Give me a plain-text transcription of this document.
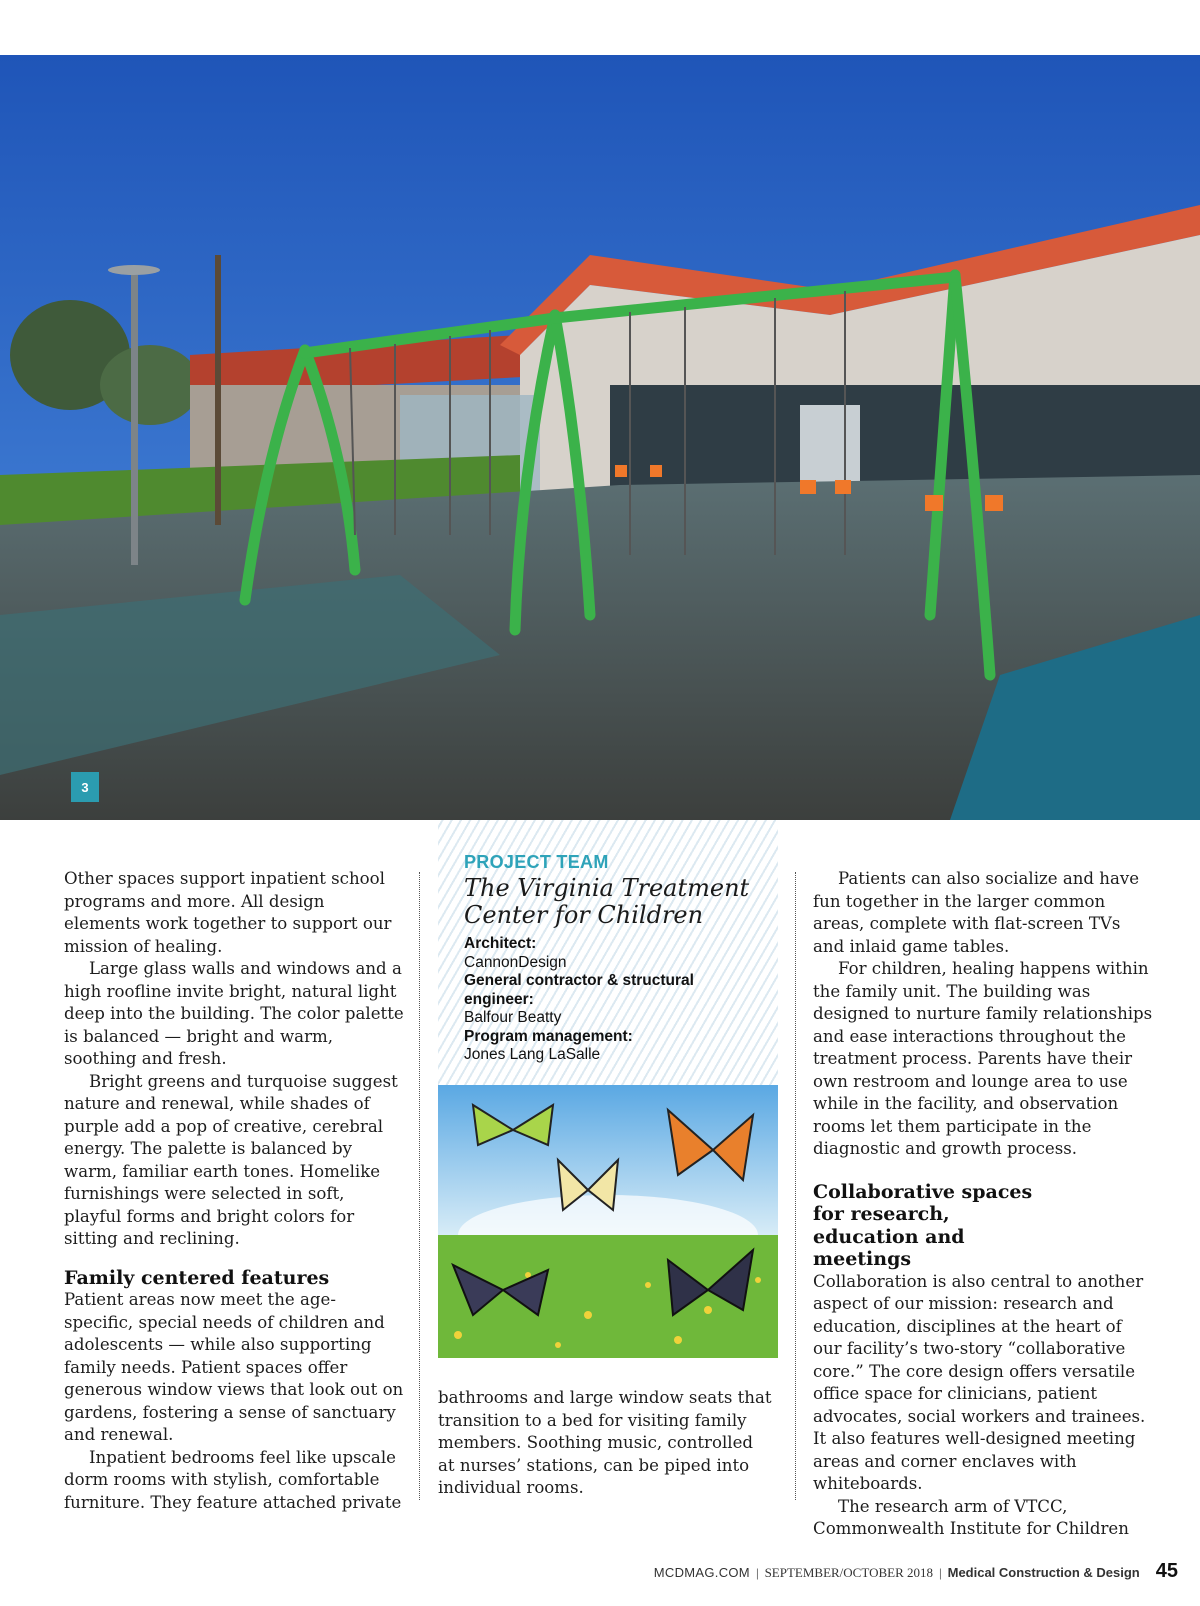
3

Other spaces support inpatient school programs and more. All design elements work together to support our mission of healing.

Large glass walls and windows and a high roofline invite bright, natural light deep into the building. The color palette is balanced — bright and warm, soothing and fresh.

Bright greens and turquoise suggest nature and renewal, while shades of purple add a pop of creative, cerebral energy. The palette is balanced by warm, familiar earth tones. Homelike furnishings were selected in soft, playful forms and bright colors for sitting and reclining.

Family centered features

Patient areas now meet the age-specific, special needs of children and adolescents — while also supporting family needs. Patient spaces offer generous window views that look out on gardens, fostering a sense of sanctuary and renewal.

Inpatient bedrooms feel like upscale dorm rooms with stylish, comfortable furniture. They feature attached private

PROJECT TEAM
The Virginia Treatment Center for Children
Architect:
CannonDesign
General contractor & structural engineer:
Balfour Beatty
Program management:
Jones Lang LaSalle

bathrooms and large window seats that transition to a bed for visiting family members. Soothing music, controlled at nurses’ stations, can be piped into individual rooms.

Patients can also socialize and have fun together in the larger common areas, complete with flat-screen TVs and inlaid game tables.

For children, healing happens within the family unit. The building was designed to nurture family relationships and ease interactions throughout the treatment process. Parents have their own restroom and lounge area to use while in the facility, and observation rooms let them participate in the diagnostic and growth process.

Collaborative spaces for research, education and meetings

Collaboration is also central to another aspect of our mission: research and education, disciplines at the heart of our facility’s two-story “collaborative core.” The core design offers versatile office space for clinicians, patient advocates, social workers and trainees. It also features well-designed meeting areas and corner enclaves with whiteboards.

The research arm of VTCC, Commonwealth Institute for Children

MCDMAG.COM | SEPTEMBER/OCTOBER 2018 | Medical Construction & Design 45
